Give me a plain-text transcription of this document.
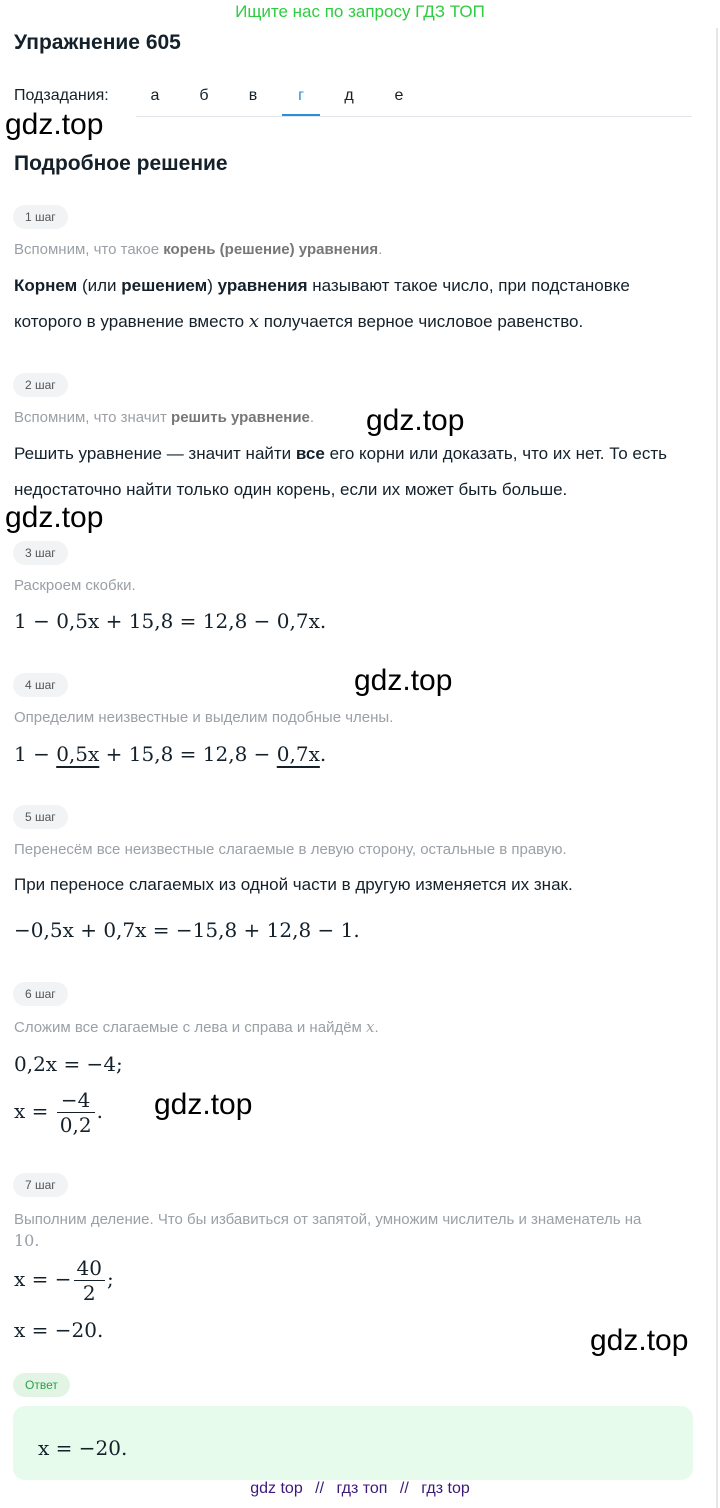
Ищите нас по запросу ГДЗ ТОП
Упражнение 605
Подзадания:	а	б	в	г	д	е
gdz.top
Подробное решение
1 шаг
Вспомним, что такое корень (решение) уравнения.
Корнем (или решением) уравнения называют такое число, при подстановке которого в уравнение вместо x получается верное числовое равенство.
2 шаг
Вспомним, что значит решить уравнение. gdz.top
Решить уравнение — значит найти все его корни или доказать, что их нет. То есть недостаточно найти только один корень, если их может быть больше.
gdz.top
3 шаг
Раскроем скобки.
1 − 0,5x + 15,8 = 12,8 − 0,7x.
gdz.top
4 шаг
Определим неизвестные и выделим подобные члены.
1 − 0,5x + 15,8 = 12,8 − 0,7x.
5 шаг
Перенесём все неизвестные слагаемые в левую сторону, остальные в правую.
При переносе слагаемых из одной части в другую изменяется их знак.
−0,5x + 0,7x = −15,8 + 12,8 − 1.
6 шаг
Сложим все слагаемые с лева и справа и найдём x.
0,2x = −4;
$x = \frac{-4}{0,2}$ . gdz.top
7 шаг
Выполним деление. Что бы избавиться от запятой, умножим числитель и знаменатель на
10.
x = − $\frac{40}{2}$ ;
x = −20.	gdz.top
Ответ
x = −20.
gdz top // гдз топ // гдз top
